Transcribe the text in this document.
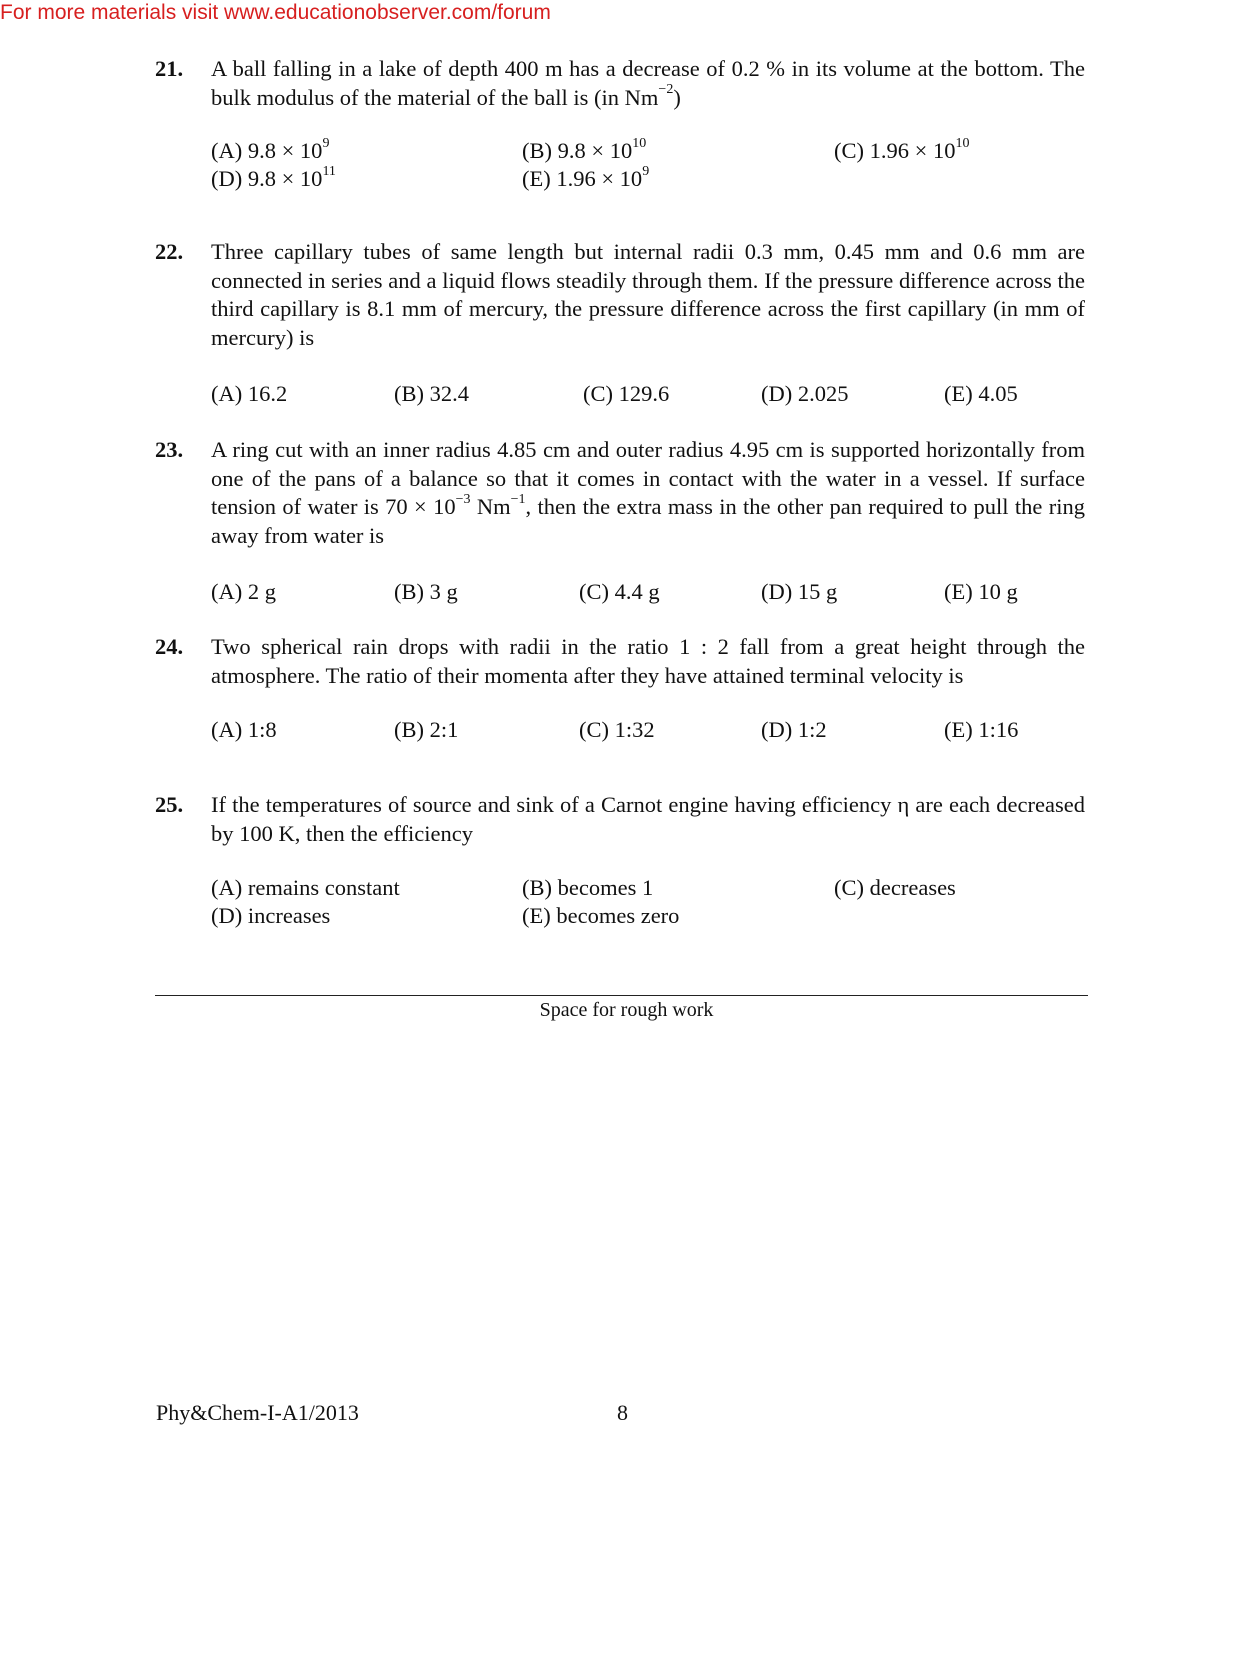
For more materials visit www.educationobserver.com/forum
21. A ball falling in a lake of depth 400 m has a decrease of 0.2 % in its volume at the bottom. The bulk modulus of the material of the ball is (in $Nm^{-2}$)
(A) $9.8 \times 10^9$	(B) $9.8 \times 10^{10}$	(C) $1.96 \times 10^{10}$
(D) $9.8 \times 10^{11}$	(E) $1.96 \times 10^9$
22. Three capillary tubes of same length but internal radii 0.3 mm, 0.45 mm and 0.6 mm are connected in series and a liquid flows steadily through them. If the pressure difference across the third capillary is 8.1 mm of mercury, the pressure difference across the first capillary (in mm of mercury) is
(A) 16.2	(B) 32.4	(C) 129.6	(D) 2.025	(E) 4.05
23. A ring cut with an inner radius 4.85 cm and outer radius 4.95 cm is supported horizontally from one of the pans of a balance so that it comes in contact with the water in a vessel. If surface tension of water is $70 \times 10^{-3}$ $Nm^{-1}$, then the extra mass in the other pan required to pull the ring away from water is
(A) 2 g	(B) 3 g	(C) 4.4 g	(D) 15 g	(E) 10 g
24. Two spherical rain drops with radii in the ratio 1 : 2 fall from a great height through the atmosphere. The ratio of their momenta after they have attained terminal velocity is
(A) 1:8	(B) 2:1	(C) 1:32	(D) 1:2	(E) 1:16
25. If the temperatures of source and sink of a Carnot engine having efficiency η are each decreased by 100 K, then the efficiency
(A) remains constant	(B) becomes 1	(C) decreases
(D) increases	(E) becomes zero
Space for rough work
Phy&Chem-I-A1/2013	8
